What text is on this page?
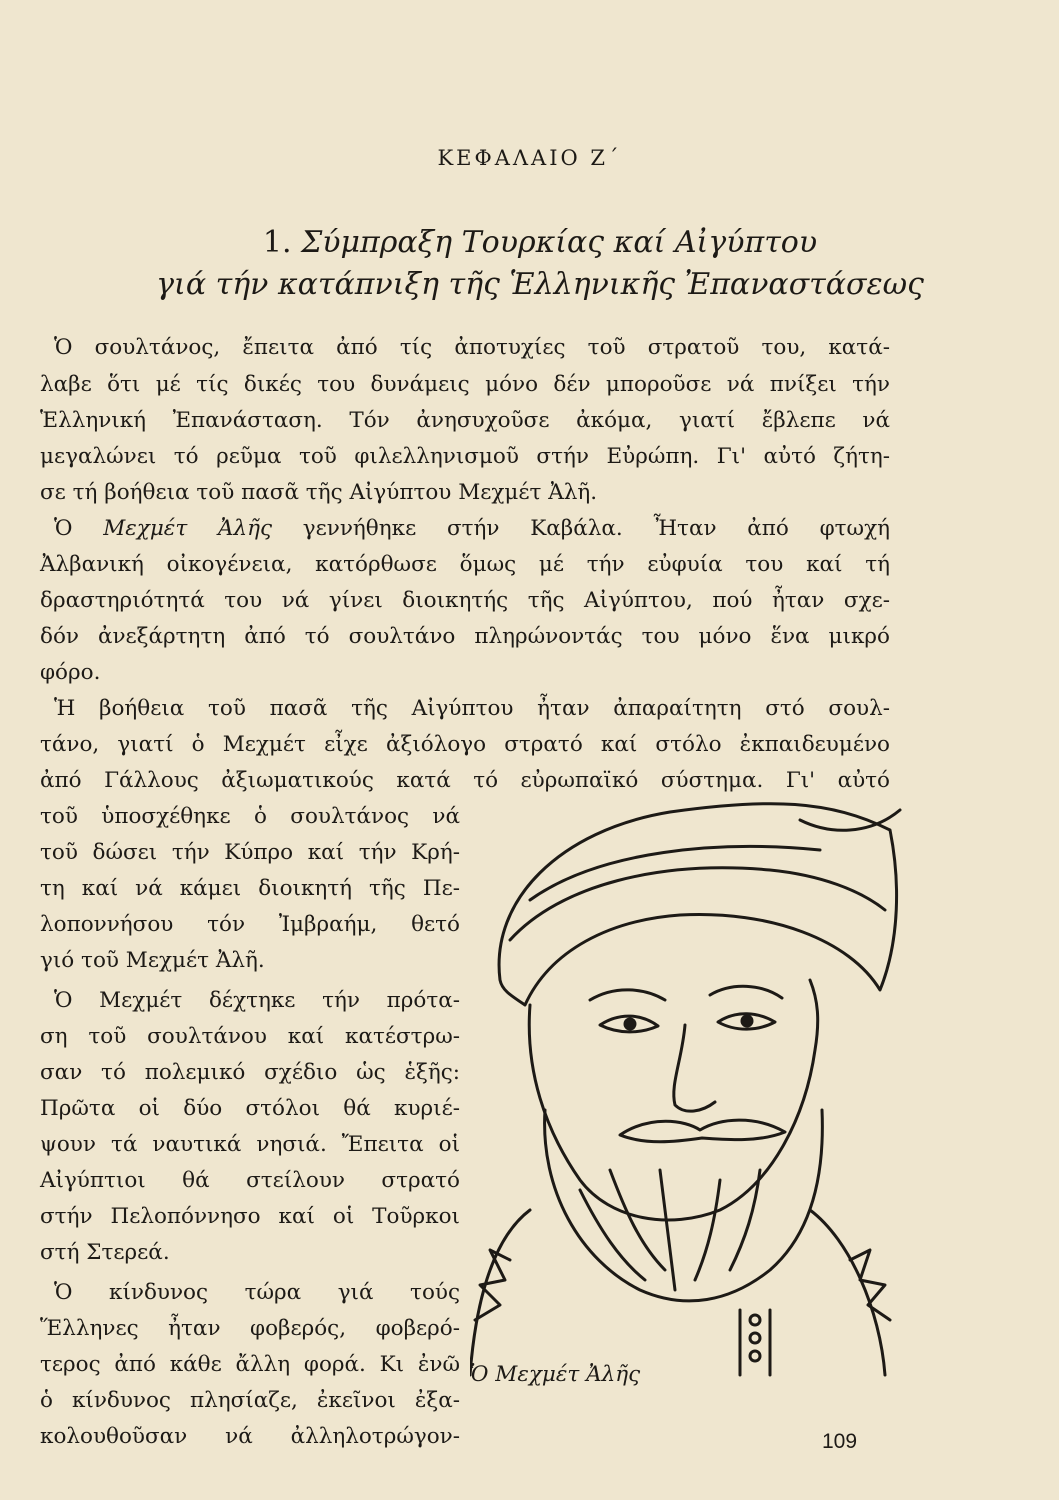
ΚΕΦΑΛΑΙΟ Ζ΄
1. Σύμπραξη Τουρκίας καί Αἰγύπτου
γιά τήν κατάπνιξη τῆς Ἑλληνικῆς Ἐπαναστάσεως
Ὁ σουλτάνος, ἔπειτα ἀπό τίς ἀποτυχίες τοῦ στρατοῦ του, κατά-
λαβε ὅτι μέ τίς δικές του δυνάμεις μόνο δέν μποροῦσε νά πνίξει τήν
Ἑλληνική Ἐπανάσταση. Τόν ἀνησυχοῦσε ἀκόμα, γιατί ἔβλεπε νά
μεγαλώνει τό ρεῦμα τοῦ φιλελληνισμοῦ στήν Εὐρώπη. Γι' αὐτό ζήτη-
σε τή βοήθεια τοῦ πασᾶ τῆς Αἰγύπτου Μεχμέτ Ἀλῆ.
Ὁ Μεχμέτ Ἀλῆς γεννήθηκε στήν Καβάλα. Ἦταν ἀπό φτωχή
Ἀλβανική οἰκογένεια, κατόρθωσε ὅμως μέ τήν εὐφυία του καί τή
δραστηριότητά του νά γίνει διοικητής τῆς Αἰγύπτου, πού ἦταν σχε-
δόν ἀνεξάρτητη ἀπό τό σουλτάνο πληρώνοντάς του μόνο ἕνα μικρό
φόρο.
Ἡ βοήθεια τοῦ πασᾶ τῆς Αἰγύπτου ἦταν ἀπαραίτητη στό σουλ-
τάνο, γιατί ὁ Μεχμέτ εἶχε ἀξιόλογο στρατό καί στόλο ἐκπαιδευμένο
ἀπό Γάλλους ἀξιωματικούς κατά τό εὐρωπαϊκό σύστημα. Γι' αὐτό
τοῦ ὑποσχέθηκε ὁ σουλτάνος νά
τοῦ δώσει τήν Κύπρο καί τήν Κρή-
τη καί νά κάμει διοικητή τῆς Πε-
λοποννήσου τόν Ἰμβραήμ, θετό
γιό τοῦ Μεχμέτ Ἀλῆ.
Ὁ Μεχμέτ δέχτηκε τήν πρότα-
ση τοῦ σουλτάνου καί κατέστρω-
σαν τό πολεμικό σχέδιο ὡς ἑξῆς:
Πρῶτα οἱ δύο στόλοι θά κυριέ-
ψουν τά ναυτικά νησιά. Ἔπειτα οἱ
Αἰγύπτιοι θά στείλουν στρατό
στήν Πελοπόννησο καί οἱ Τοῦρκοι
στή Στερεά.
Ὁ κίνδυνος τώρα γιά τούς
Ἕλληνες ἦταν φοβερός, φοβερό-
τερος ἀπό κάθε ἄλλη φορά. Κι ἐνῶ
ὁ κίνδυνος πλησίαζε, ἐκεῖνοι ἐξα-
κολουθοῦσαν νά ἀλληλοτρώγον-
Ὁ Μεχμέτ Ἀλῆς
109
